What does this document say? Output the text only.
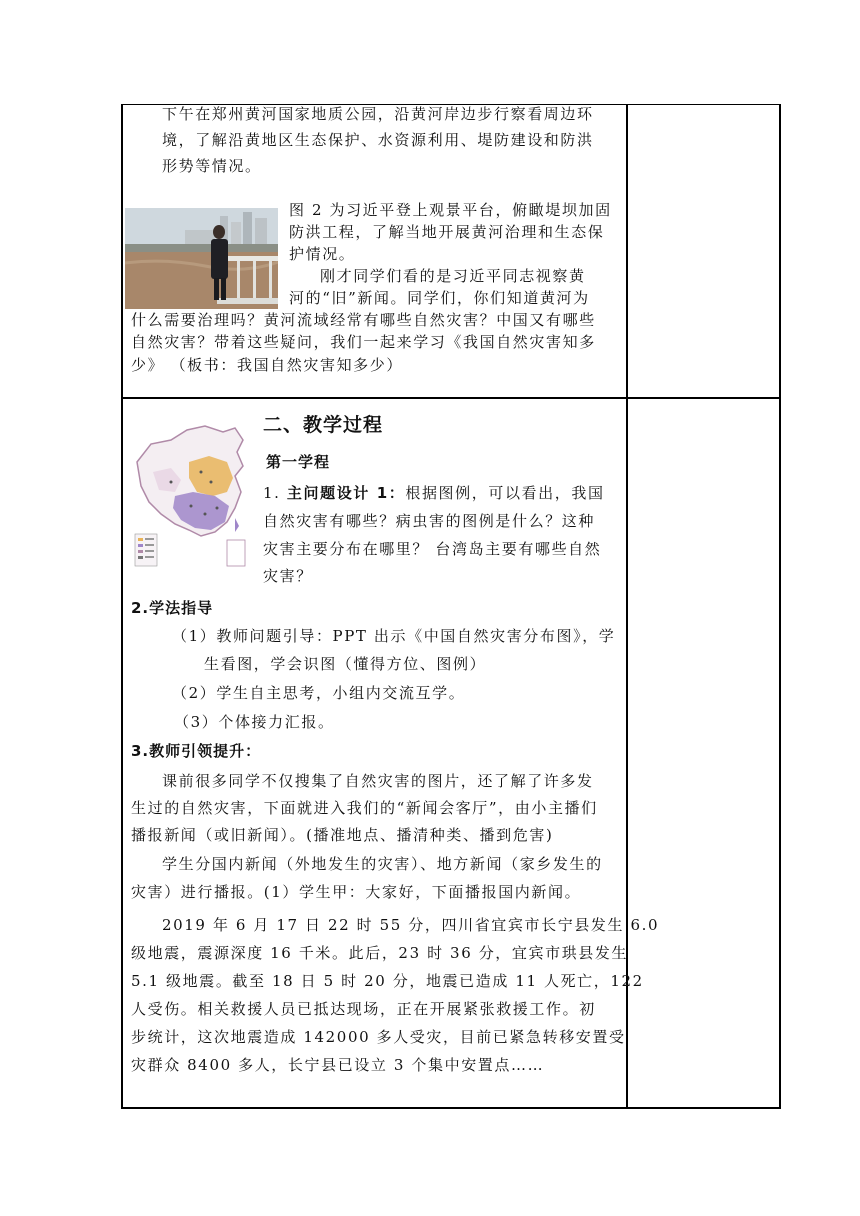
下午在郑州黄河国家地质公园，沿黄河岸边步行察看周边环
境，了解沿黄地区生态保护、水资源利用、堤防建设和防洪
形势等情况。
图 2 为习近平登上观景平台，俯瞰堤坝加固
防洪工程，了解当地开展黄河治理和生态保
护情况。
刚才同学们看的是习近平同志视察黄
河的“旧”新闻。同学们，你们知道黄河为
什么需要治理吗？黄河流域经常有哪些自然灾害？中国又有哪些
自然灾害？带着这些疑问，我们一起来学习《我国自然灾害知多
少》 （板书：我国自然灾害知多少）
二、教学过程
第一学程
1. 主问题设计 1：根据图例，可以看出，我国
自然灾害有哪些？病虫害的图例是什么？这种
灾害主要分布在哪里？ 台湾岛主要有哪些自然
灾害？
2.学法指导
（1）教师问题引导：PPT 出示《中国自然灾害分布图》，学
生看图，学会识图（懂得方位、图例）
（2）学生自主思考，小组内交流互学。
（3）个体接力汇报。
3.教师引领提升：
课前很多同学不仅搜集了自然灾害的图片，还了解了许多发
生过的自然灾害，下面就进入我们的“新闻会客厅”，由小主播们
播报新闻（或旧新闻）。(播准地点、播清种类、播到危害)
学生分国内新闻（外地发生的灾害）、地方新闻（家乡发生的
灾害）进行播报。(1）学生甲：大家好，下面播报国内新闻。
2019 年 6 月 17 日 22 时 55 分，四川省宜宾市长宁县发生 6.0
级地震，震源深度 16 千米。此后，23 时 36 分，宜宾市珙县发生
5.1 级地震。截至 18 日 5 时 20 分，地震已造成 11 人死亡，122
人受伤。相关救援人员已抵达现场，正在开展紧张救援工作。初
步统计，这次地震造成 142000 多人受灾，目前已紧急转移安置受
灾群众 8400 多人，长宁县已设立 3 个集中安置点……
